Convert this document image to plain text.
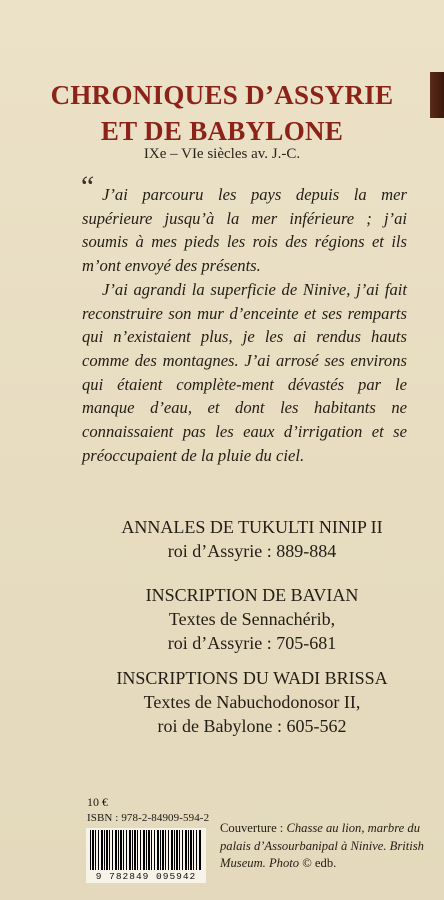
CHRONIQUES D’ASSYRIE
ET DE BABYLONE
IXe – VIe siècles av. J.-C.
“ J’ai parcouru les pays depuis la mer supérieure jusqu’à la mer inférieure ; j’ai soumis à mes pieds les rois des régions et ils m’ont envoyé des présents.

J’ai agrandi la superficie de Ninive, j’ai fait reconstruire son mur d’enceinte et ses remparts qui n’existaient plus, je les ai rendus hauts comme des montagnes. J’ai arrosé ses environs qui étaient complète-ment dévastés par le manque d’eau, et dont les habitants ne connaissaient pas les eaux d’irrigation et se préoccupaient de la pluie du ciel.

ANNALES DE TUKULTI NINIP II
roi d’Assyrie : 889-884
INSCRIPTION DE BAVIAN
Textes de Sennachérib,
roi d’Assyrie : 705-681
INSCRIPTIONS DU WADI BRISSA
Textes de Nabuchodonosor II,
roi de Babylone : 605-562
10 €
ISBN : 978-2-84909-594-2
9 782849 095942
Couverture : Chasse au lion, marbre du palais d’Assourbanipal à Ninive. British Museum. Photo © edb.
